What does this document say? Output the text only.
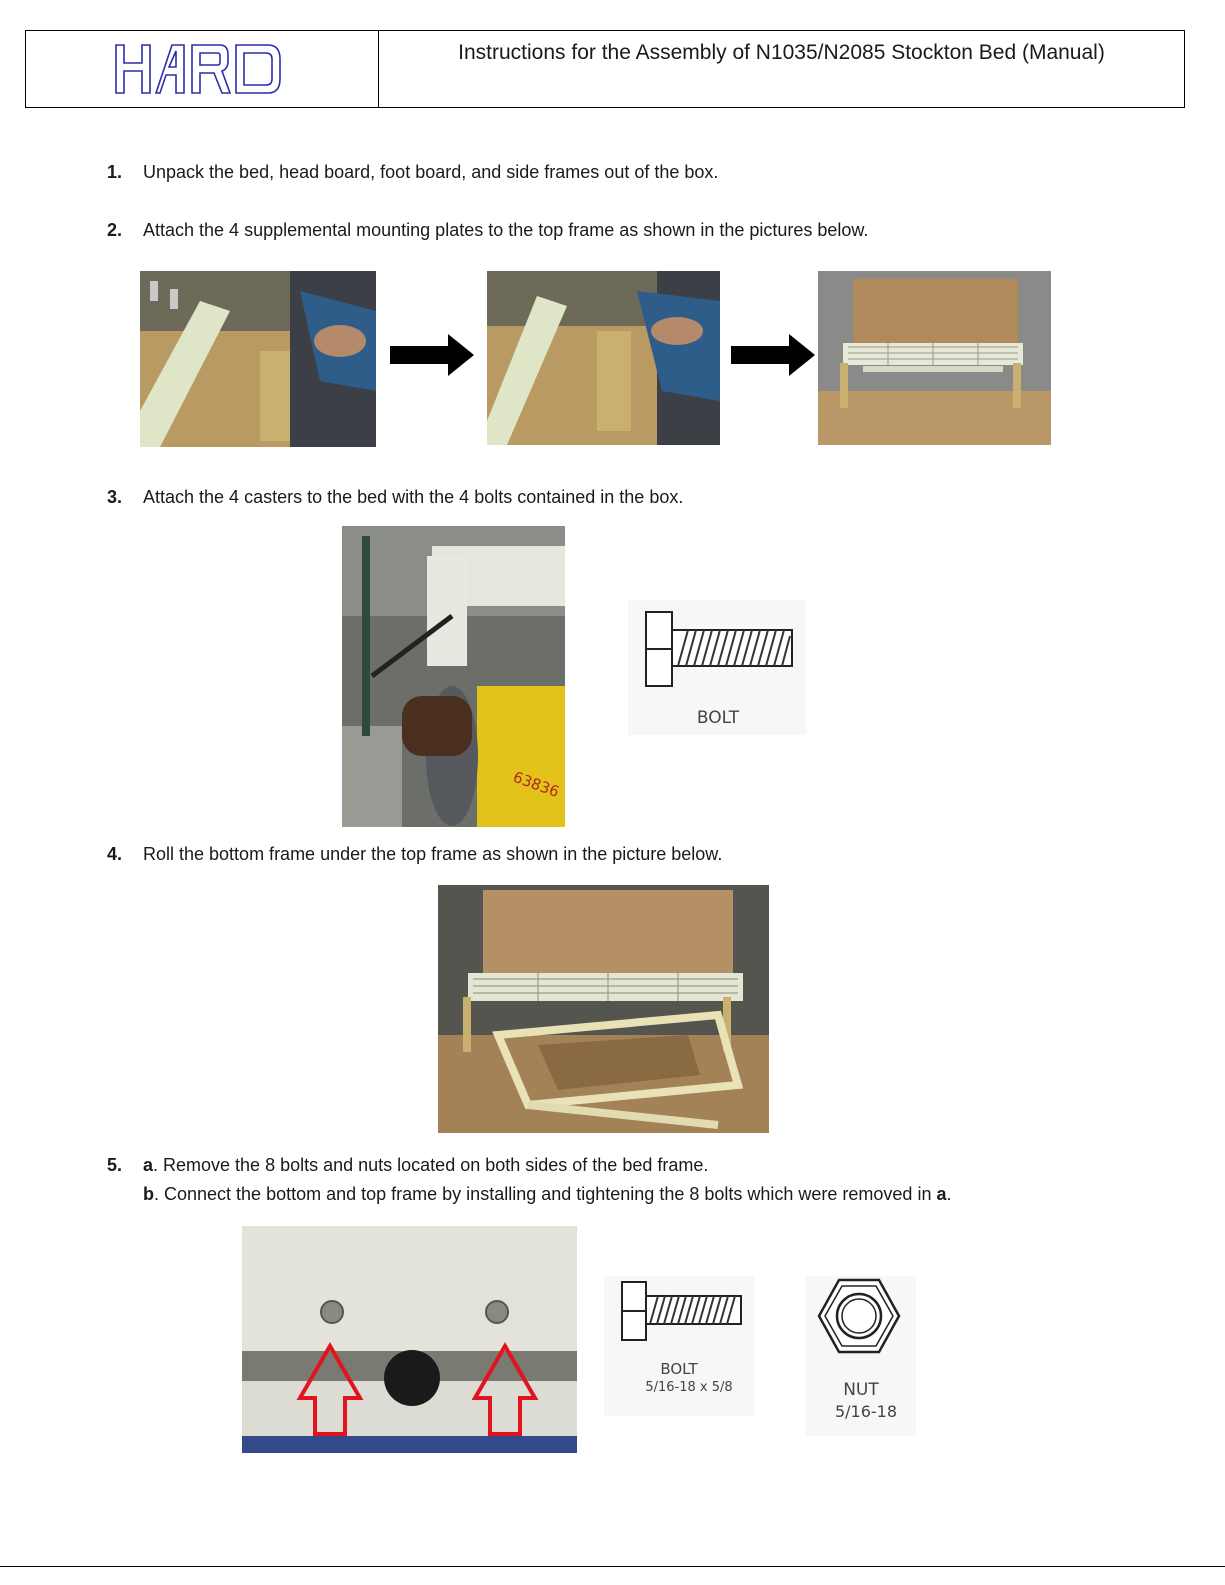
Instructions for the Assembly of N1035/N2085 Stockton Bed (Manual)
1. Unpack the bed, head board, foot board, and side frames out of the box.
2. Attach the 4 supplemental mounting plates to the top frame as shown in the pictures below.
3. Attach the 4 casters to the bed with the 4 bolts contained in the box.
63836
BOLT
4. Roll the bottom frame under the top frame as shown in the picture below.
5. a. Remove the 8 bolts and nuts located on both sides of the bed frame.
b. Connect the bottom and top frame by installing and tightening the 8 bolts which were removed in a.
BOLT
5/16-18 x 5/8	NUT
5/16-18
